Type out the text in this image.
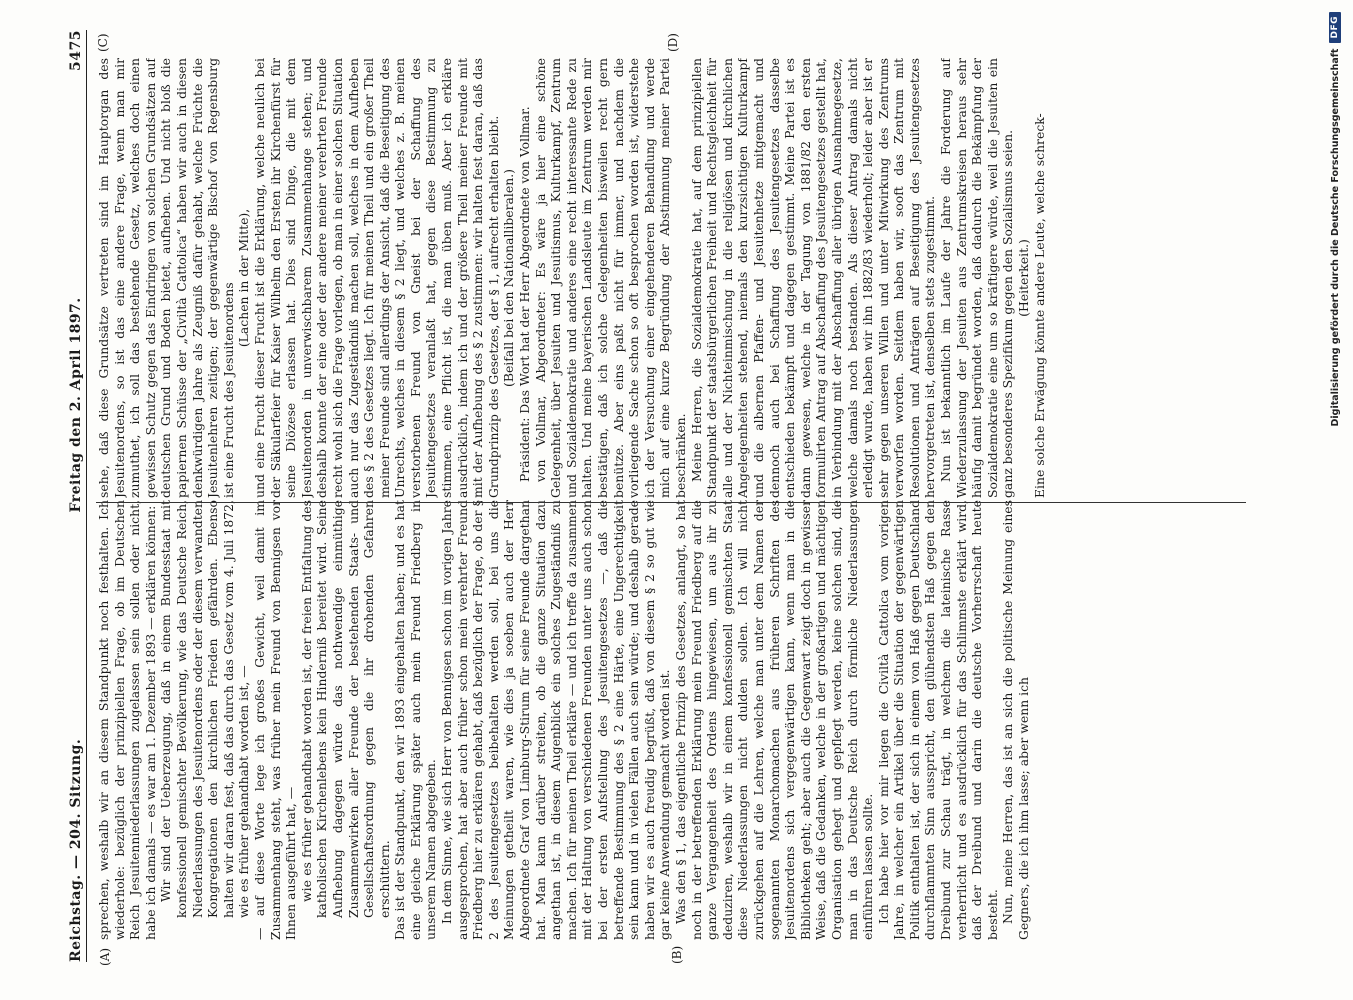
Reichstag. — 204. Sitzung.
Freitag den 2. April 1897.
5475
(A)	(B)
(C)	(D)

sprechen, weshalb wir an diesem Standpunkt noch festhalten. Ich wiederhole: bezüglich der prinzipiellen Frage, ob im Deutschen Reich Jesuitenniederlassungen zugelassen sein sollen oder nicht, habe ich damals — es war am 1. Dezember 1893 — erklären können: Wir sind der Ueberzeugung, daß in einem Bundesstaat mit konfessionell gemischter Bevölkerung, wie das Deutsche Reich, Niederlassungen des Jesuitenordens oder der diesem verwandten Kongregationen den kirchlichen Frieden gefährden. Ebenso halten wir daran fest, daß das durch das Gesetz vom 4. Juli 1872, wie es früher gehandhabt worden ist, — — auf diese Worte lege ich großes Gewicht, weil damit im Zusammenhang steht, was früher mein Freund von Bennigsen vor Ihnen ausgeführt hat, — wie es früher gehandhabt worden ist, der freien Entfaltung des katholischen Kirchenlebens kein Hinderniß bereitet wird. Seine Aufhebung dagegen würde das nothwendige einmüthige Zusammenwirken aller Freunde der bestehenden Staats- und Gesellschaftsordnung gegen die ihr drohenden Gefahren erschüttern. Das ist der Standpunkt, den wir 1893 eingehalten haben; und es hat eine gleiche Erklärung später auch mein Freund Friedberg in unserem Namen abgegeben. In dem Sinne, wie sich Herr von Bennigsen schon im vorigen Jahre ausgesprochen, hat aber auch früher schon mein verehrter Freund Friedberg hier zu erklären gehabt, daß bezüglich der Frage, ob der § 2 des Jesuitengesetzes beibehalten werden soll, bei uns die Meinungen getheilt waren, wie dies ja soeben auch der Herr Abgeordnete Graf von Limburg-Stirum für seine Freunde dargethan hat. Man kann darüber streiten, ob die ganze Situation dazu angethan ist, in diesem Augenblick ein solches Zugeständniß zu machen. Ich für meinen Theil erkläre — und ich treffe da zusammen mit der Haltung von verschiedenen Freunden unter uns auch schon bei der ersten Aufstellung des Jesuitengesetzes —, daß die betreffende Bestimmung des § 2 eine Härte, eine Ungerechtigkeit sein kann und in vielen Fällen auch sein würde; und deshalb gerade haben wir es auch freudig begrüßt, daß von diesem § 2 so gut wie gar keine Anwendung gemacht worden ist. Was den § 1, das eigentliche Prinzip des Gesetzes, anlangt, so hat noch in der betreffenden Erklärung mein Freund Friedberg auf die ganze Vergangenheit des Ordens hingewiesen, um aus ihr zu deduziren, weshalb wir in einem konfessionell gemischten Staat diese Niederlassungen nicht dulden sollen. Ich will nicht zurückgehen auf die Lehren, welche man unter dem Namen der sogenannten Monarchomachen aus früheren Schriften des Jesuitenordens sich vergegenwärtigen kann, wenn man in die Bibliotheken geht; aber auch die Gegenwart zeigt doch in gewisser Weise, daß die Gedanken, welche in der großartigen und mächtigen Organisation gehegt und gepflegt werden, keine solchen sind, die man in das Deutsche Reich durch förmliche Niederlassungen einführen lassen sollte. Ich habe hier vor mir liegen die Civiltà Cattolica vom vorigen Jahre, in welcher ein Artikel über die Situation der gegenwärtigen Politik enthalten ist, der sich in einem von Haß gegen Deutschland durchflammten Sinn ausspricht, den glühendsten Haß gegen den Dreibund zur Schau trägt, in welchem die lateinische Rasse verherrlicht und es ausdrücklich für das Schlimmste erklärt wird, daß der Dreibund und darin die deutsche Vorherrschaft heute besteht. Nun, meine Herren, das ist an sich die politische Meinung eines Gegners, die ich ihm lasse; aber wenn ich

sehe, daß diese Grundsätze vertreten sind im Hauptorgan des Jesuitenordens, so ist das eine andere Frage, wenn man mir zumuthet, ich soll das bestehende Gesetz, welches doch einen gewissen Schutz gegen das Eindringen von solchen Grundsätzen auf deutschen Grund und Boden bietet, aufheben. Und nicht bloß die papiernen Schüsse der „Civiltà Cattolica“ haben wir auch in diesen denkwürdigen Jahre als Zeugniß dafür gehabt, welche Früchte die Jesuitenlehren zeitigen; der gegenwärtige Bischof von Regensburg ist eine Frucht des Jesuitenordens

(Lachen in der Mitte), und eine Frucht dieser Frucht ist die Erklärung, welche neulich bei der Säkularfeier für Kaiser Wilhelm den Ersten ihr Kirchenfürst für seine Diözese erlassen hat. Dies sind Dinge, die mit dem Jesuitenorden in unverwischbarem Zusammenhange stehen; und deshalb konnte der eine oder der andere meiner verehrten Freunde recht wohl sich die Frage vorlegen, ob man in einer solchen Situation auch nur das Zugeständniß machen soll, welches in dem Aufheben des § 2 des Gesetzes liegt. Ich für meinen Theil und ein großer Theil meiner Freunde sind allerdings der Ansicht, daß die Beseitigung des Unrechts, welches in diesem § 2 liegt, und welches z. B. meinen verstorbenen Freund von Gneist bei der Schaffung des Jesuitengesetzes veranlaßt hat, gegen diese Bestimmung zu stimmen, eine Pflicht ist, die man üben muß. Aber ich erkläre ausdrücklich, indem ich und der größere Theil meiner Freunde mit mit der Aufhebung des § 2 zustimmen: wir halten fest daran, daß das Grundprinzip des Gesetzes, der § 1, aufrecht erhalten bleibt. (Beifall bei den Nationalliberalen.) Präsident: Das Wort hat der Herr Abgeordnete von Vollmar. von Vollmar, Abgeordneter: Es wäre ja hier eine schöne Gelegenheit, über Jesuiten und Jesuitismus, Kulturkampf, Zentrum und Sozialdemokratie und anderes eine recht interessante Rede zu halten. Und meine bayerischen Landsleute im Zentrum werden mir bestätigen, daß ich solche Gelegenheiten bisweilen recht gern benütze. Aber eins paßt nicht für immer, und nachdem die vorliegende Sache schon so oft besprochen worden ist, widerstehe ich der Versuchung einer eingehenderen Behandlung und werde mich auf eine kurze Begründung der Abstimmung meiner Partei beschränken. Meine Herren, die Sozialdemokratie hat, auf dem prinzipiellen Standpunkt der staatsbürgerlichen Freiheit und Rechtsgleichheit für alle und der Nichteinmischung in die religiösen und kirchlichen Angelegenheiten stehend, niemals den kurzsichtigen Kulturkampf und die albernen Pfaffen- und Jesuitenhetze mitgemacht und dennoch auch bei Schaffung des Jesuitengesetzes dasselbe entschieden bekämpft und dagegen gestimmt. Meine Partei ist es dann gewesen, welche in der Tagung von 1881/82 den ersten formulirten Antrag auf Abschaffung des Jesuitengesetzes gestellt hat, in Verbindung mit der Abschaffung aller übrigen Ausnahmegesetze, welche damals noch bestanden. Als dieser Antrag damals nicht erledigt wurde, haben wir ihn 1882/83 wiederholt; leider aber ist er sehr gegen unseren Willen und unter Mitwirkung des Zentrums verworfen worden. Seitdem haben wir, sooft das Zentrum mit Resolutionen und Anträgen auf Beseitigung des Jesuitengesetzes hervorgetreten ist, denselben stets zugestimmt. Nun ist bekanntlich im Laufe der Jahre die Forderung auf Wiederzulassung der Jesuiten aus Zentrumskreisen heraus sehr häufig damit begründet worden, daß dadurch die Bekämpfung der Sozialdemokratie eine um so kräftigere würde, weil die Jesuiten ein ganz besonderes Spezifikum gegen den Sozialismus seien. (Heiterkeit.) Eine solche Erwägung könnte andere Leute, welche schreck-	Digitalisierung gefördert durch die Deutsche Forschungsgemeinschaft
DFG
